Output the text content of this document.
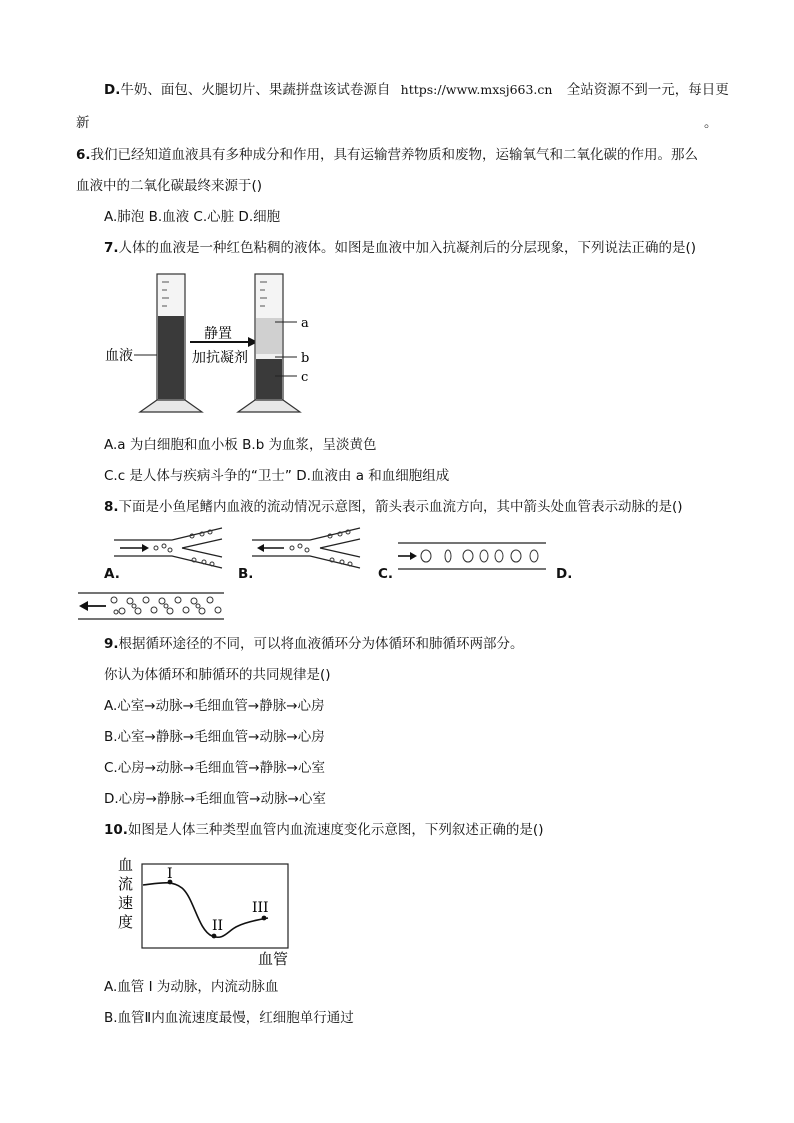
D.牛奶、面包、火腿切片、果蔬拼盘该试卷源自 https://www.mxsj663.cn 全站资源不到一元，每日更
新	。
6.我们已经知道血液具有多种成分和作用，具有运输营养物质和废物，运输氧气和二氧化碳的作用。那么
血液中的二氧化碳最终来源于()
A.肺泡 B.血液 C.心脏 D.细胞
7.人体的血液是一种红色粘稠的液体。如图是血液中加入抗凝剂后的分层现象，下列说法正确的是()
血液
静置
加抗凝剂
a
b
c
A.a 为白细胞和血小板 B.b 为血浆，呈淡黄色
C.c 是人体与疾病斗争的“卫士” D.血液由 a 和血细胞组成
8.下面是小鱼尾鳍内血液的流动情况示意图，箭头表示血流方向，其中箭头处血管表示动脉的是()
A.	B.	C.	D.
9.根据循环途径的不同，可以将血液循环分为体循环和肺循环两部分。
你认为体循环和肺循环的共同规律是()
A.心室→动脉→毛细血管→静脉→心房
B.心室→静脉→毛细血管→动脉→心房
C.心房→动脉→毛细血管→静脉→心室
D.心房→静脉→毛细血管→动脉→心室
10.如图是人体三种类型血管内血流速度变化示意图，下列叙述正确的是()
血
流
速
度
I
II
III
血管
A.血管 I 为动脉，内流动脉血
B.血管Ⅱ内血流速度最慢，红细胞单行通过
